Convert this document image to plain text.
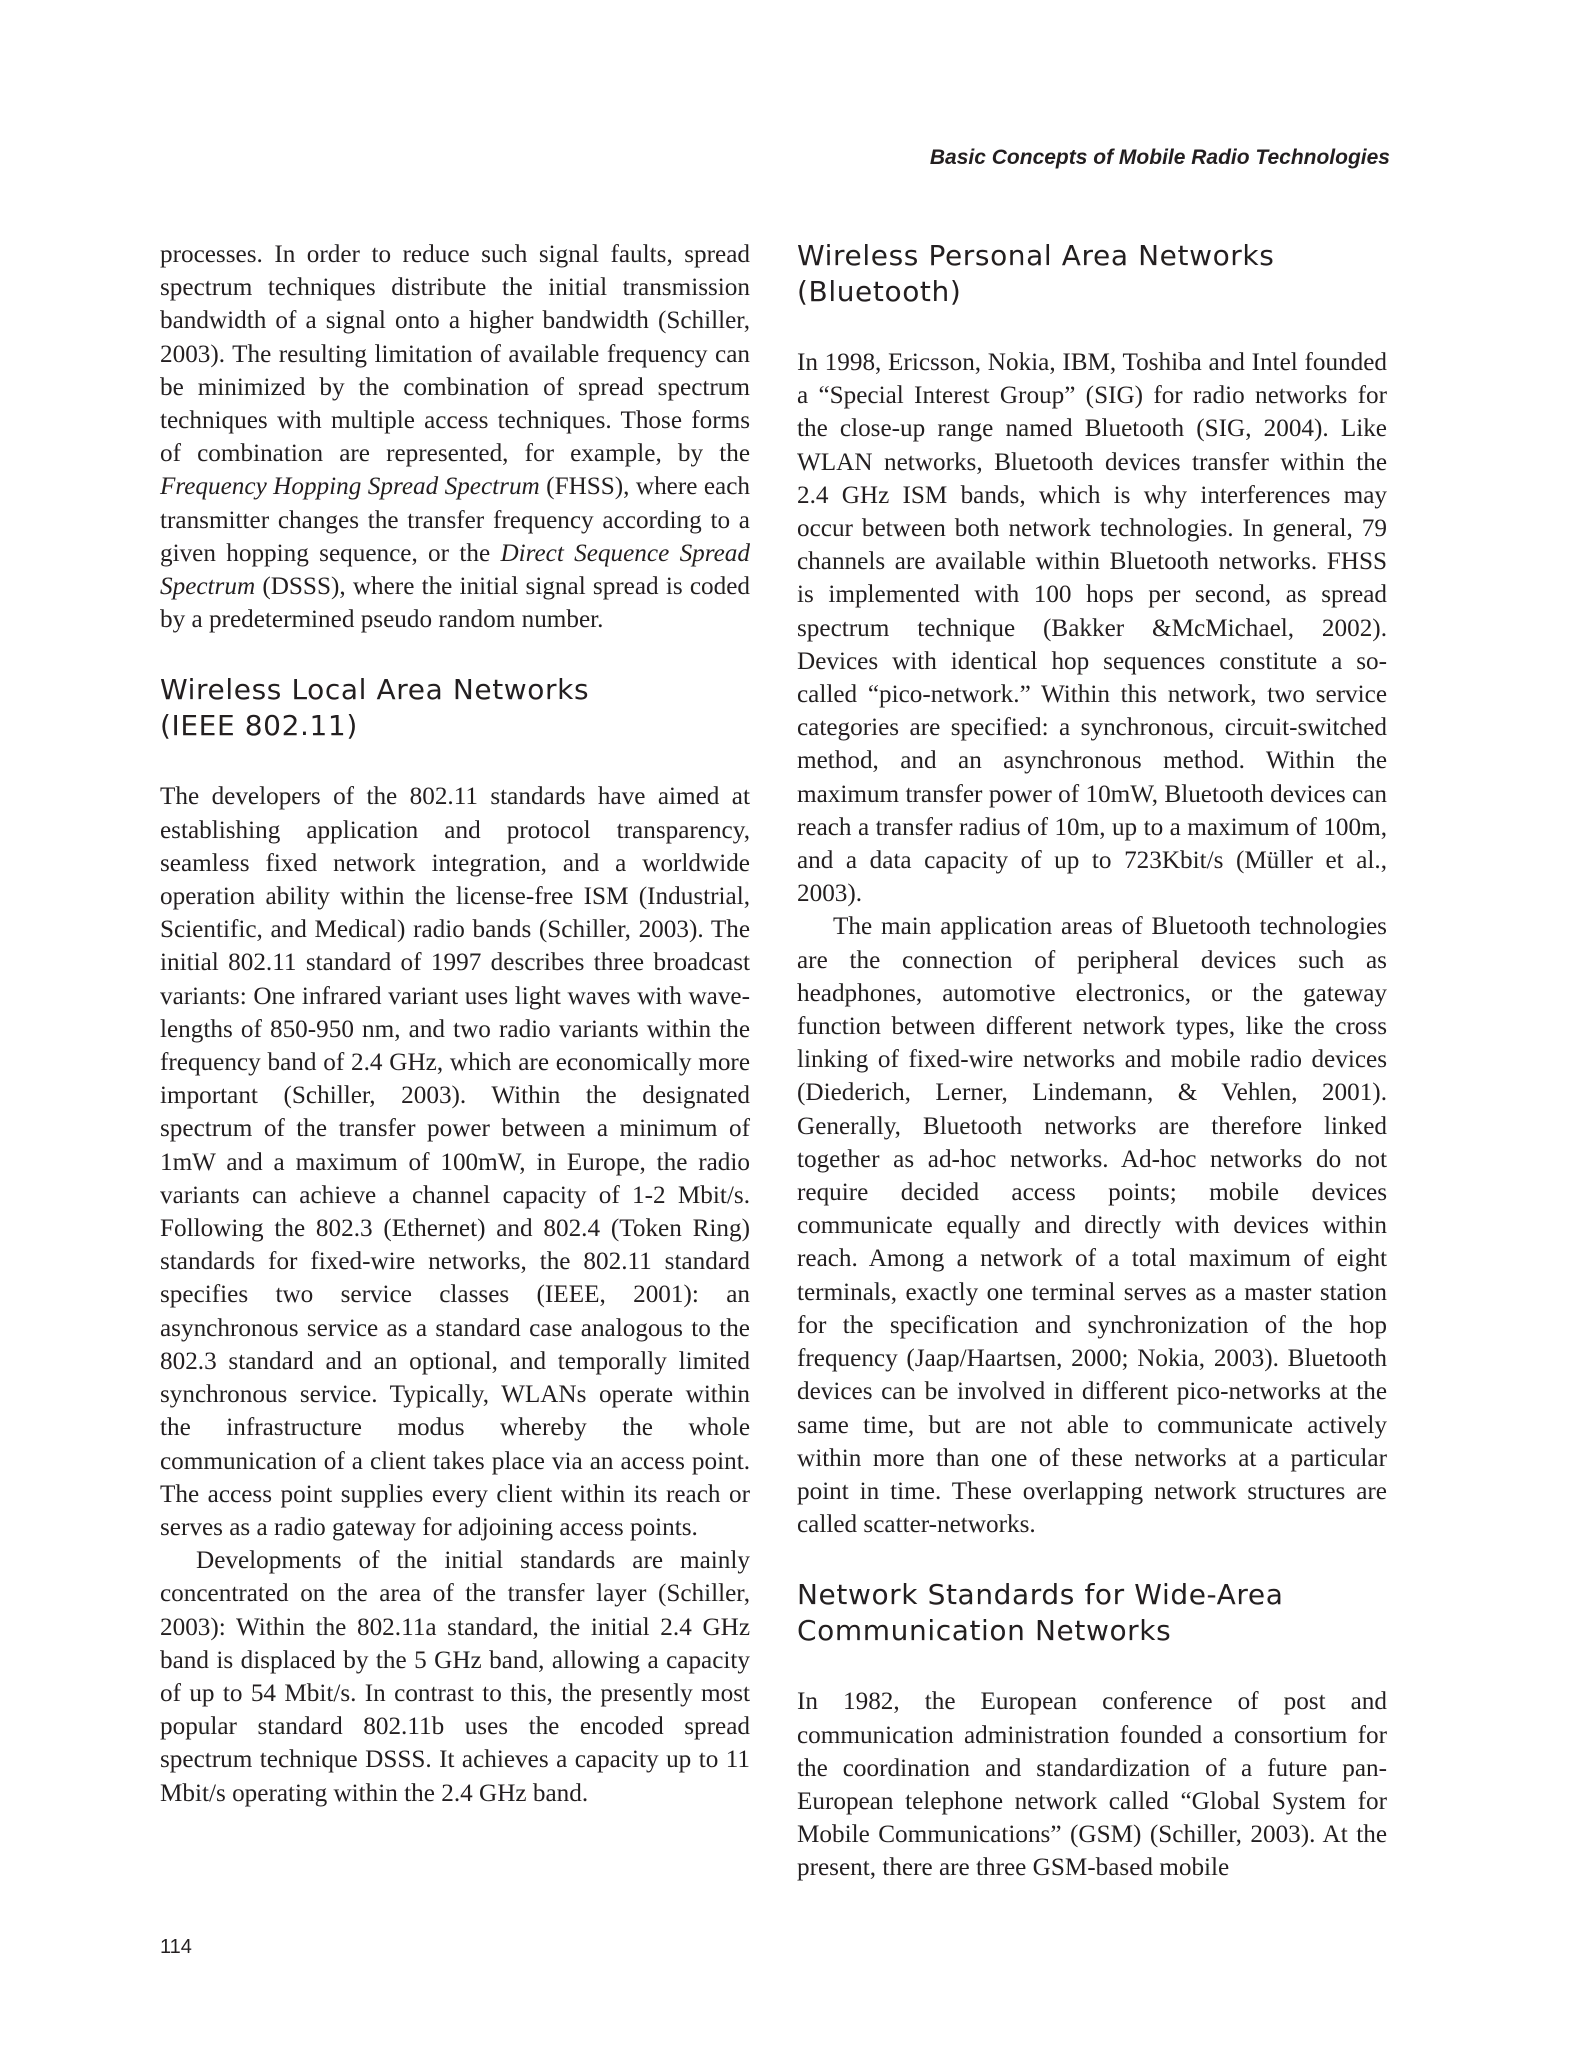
Basic Concepts of Mobile Radio Technologies

processes. In order to reduce such signal faults, spread spectrum techniques distribute the initial transmission bandwidth of a signal onto a higher bandwidth (Schiller, 2003). The resulting limitation of available frequency can be minimized by the combination of spread spectrum techniques with multiple access techniques. Those forms of combination are represented, for example, by the Frequency Hopping Spread Spectrum (FHSS), where each transmitter changes the transfer frequency according to a given hopping sequence, or the Direct Sequence Spread Spectrum (DSSS), where the initial signal spread is coded by a predetermined pseudo random number.

Wireless Local Area Networks
(IEEE 802.11)

The developers of the 802.11 standards have aimed at establishing application and protocol transparency, seamless fixed network integration, and a worldwide operation ability within the license-free ISM (Industrial, Scientific, and Medical) radio bands (Schiller, 2003). The initial 802.11 standard of 1997 describes three broadcast variants: One infrared variant uses light waves with wave-lengths of 850-950 nm, and two radio variants within the frequency band of 2.4 GHz, which are economically more important (Schiller, 2003). Within the designated spectrum of the transfer power between a minimum of 1mW and a maximum of 100mW, in Europe, the radio variants can achieve a channel capacity of 1-2 Mbit/s. Following the 802.3 (Ethernet) and 802.4 (Token Ring) standards for fixed-wire networks, the 802.11 standard specifies two service classes (IEEE, 2001): an asynchronous service as a standard case analogous to the 802.3 standard and an optional, and temporally limited synchronous service. Typically, WLANs operate within the infrastructure modus whereby the whole communication of a client takes place via an access point. The access point supplies every client within its reach or serves as a radio gateway for adjoining access points.

Developments of the initial standards are mainly concentrated on the area of the transfer layer (Schiller, 2003): Within the 802.11a standard, the initial 2.4 GHz band is displaced by the 5 GHz band, allowing a capacity of up to 54 Mbit/s. In contrast to this, the presently most popular standard 802.11b uses the encoded spread spectrum technique DSSS. It achieves a capacity up to 11 Mbit/s operating within the 2.4 GHz band.

Wireless Personal Area Networks
(Bluetooth)

In 1998, Ericsson, Nokia, IBM, Toshiba and Intel founded a “Special Interest Group” (SIG) for radio networks for the close-up range named Bluetooth (SIG, 2004). Like WLAN networks, Bluetooth devices transfer within the 2.4 GHz ISM bands, which is why interferences may occur between both network technologies. In general, 79 channels are available within Bluetooth networks. FHSS is implemented with 100 hops per second, as spread spectrum technique (Bakker &McMichael, 2002). Devices with identical hop sequences constitute a so-called “pico-network.” Within this network, two service categories are specified: a synchronous, circuit-switched method, and an asynchronous method. Within the maximum transfer power of 10mW, Bluetooth devices can reach a transfer radius of 10m, up to a maximum of 100m, and a data capacity of up to 723Kbit/s (Müller et al., 2003).

The main application areas of Bluetooth technologies are the connection of peripheral devices such as headphones, automotive electronics, or the gateway function between different network types, like the cross linking of fixed-wire networks and mobile radio devices (Diederich, Lerner, Lindemann, & Vehlen, 2001). Generally, Bluetooth networks are therefore linked together as ad-hoc networks. Ad-hoc networks do not require decided access points; mobile devices communicate equally and directly with devices within reach. Among a network of a total maximum of eight terminals, exactly one terminal serves as a master station for the specification and synchronization of the hop frequency (Jaap/Haartsen, 2000; Nokia, 2003). Bluetooth devices can be involved in different pico-networks at the same time, but are not able to communicate actively within more than one of these networks at a particular point in time. These overlapping network structures are called scatter-networks.

Network Standards for Wide-Area
Communication Networks

In 1982, the European conference of post and communication administration founded a consortium for the coordination and standardization of a future pan-European telephone network called “Global System for Mobile Communications” (GSM) (Schiller, 2003). At the present, there are three GSM-based mobile

114
